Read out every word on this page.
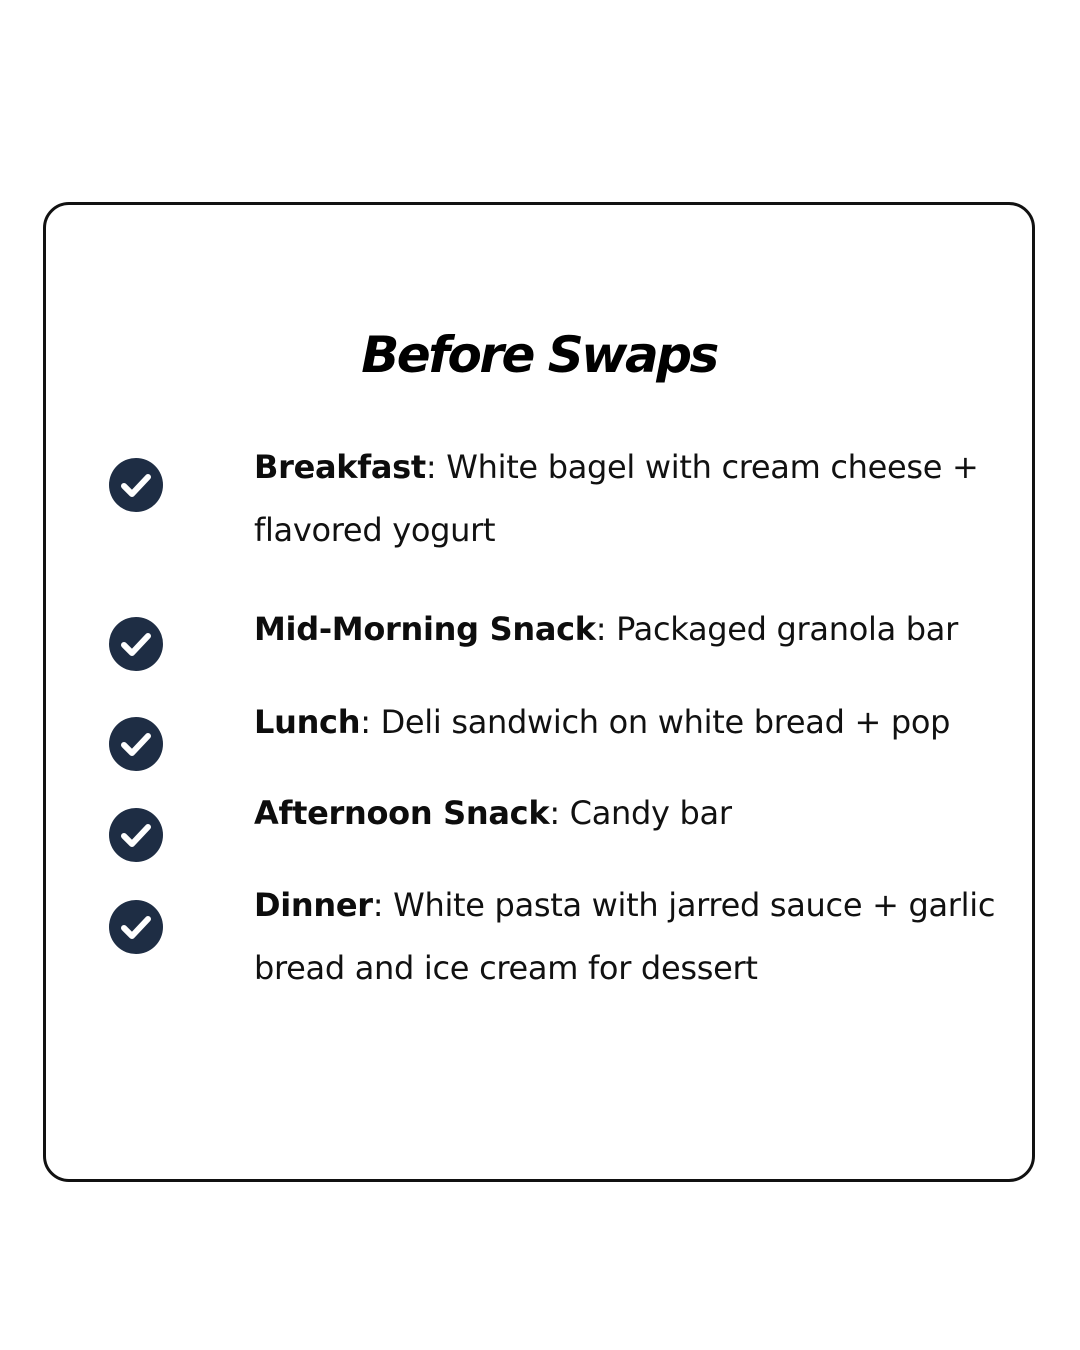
Before Swaps
Breakfast: White bagel with cream cheese + flavored yogurt
Mid-Morning Snack: Packaged granola bar
Lunch: Deli sandwich on white bread + pop
Afternoon Snack: Candy bar
Dinner: White pasta with jarred sauce + garlic bread and ice cream for dessert
